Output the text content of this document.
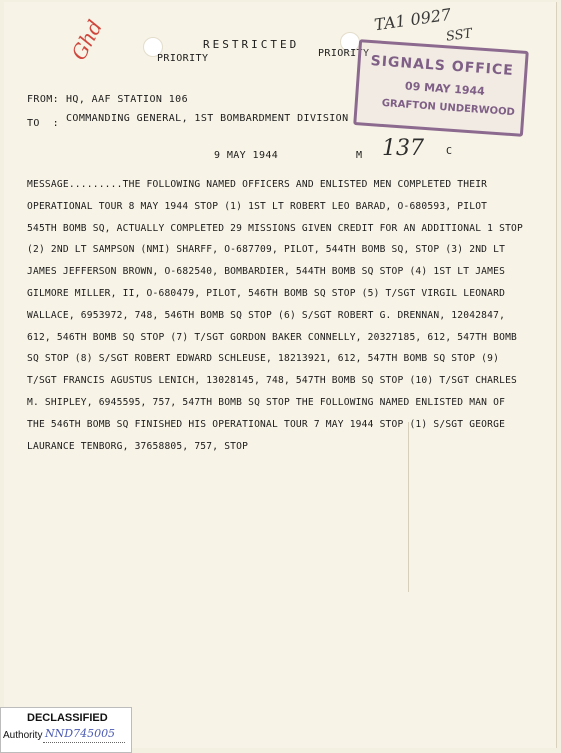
RESTRICTED
PRIORITY	PRIORITY
Ghd	TA1 0927
SST
SIGNALS OFFICE
09 MAY 1944
GRAFTON UNDERWOOD
FROM: HQ, AAF STATION 106
TO  : COMMANDING GENERAL, 1ST BOMBARDMENT DIVISION
9 MAY 1944	M 137 C
MESSAGE.........THE FOLLOWING NAMED OFFICERS AND ENLISTED MEN COMPLETED THEIR
OPERATIONAL TOUR 8 MAY 1944 STOP (1) 1ST LT ROBERT LEO BARAD, O-680593, PILOT
545TH BOMB SQ, ACTUALLY COMPLETED 29 MISSIONS GIVEN CREDIT FOR AN ADDITIONAL 1 STOP
(2) 2ND LT SAMPSON (NMI) SHARFF, O-687709, PILOT, 544TH BOMB SQ, STOP (3) 2ND LT
JAMES JEFFERSON BROWN, O-682540, BOMBARDIER, 544TH BOMB SQ STOP (4) 1ST LT JAMES
GILMORE MILLER, II, O-680479, PILOT, 546TH BOMB SQ STOP (5) T/SGT VIRGIL LEONARD
WALLACE, 6953972, 748, 546TH BOMB SQ STOP (6) S/SGT ROBERT G. DRENNAN, 12042847,
612, 546TH BOMB SQ STOP (7) T/SGT GORDON BAKER CONNELLY, 20327185, 612, 547TH BOMB
SQ STOP (8) S/SGT ROBERT EDWARD SCHLEUSE, 18213921, 612, 547TH BOMB SQ STOP (9)
T/SGT FRANCIS AGUSTUS LENICH, 13028145, 748, 547TH BOMB SQ STOP (10) T/SGT CHARLES
M. SHIPLEY, 6945595, 757, 547TH BOMB SQ STOP THE FOLLOWING NAMED ENLISTED MAN OF
THE 546TH BOMB SQ FINISHED HIS OPERATIONAL TOUR 7 MAY 1944 STOP (1) S/SGT GEORGE
LAURANCE TENBORG, 37658805, 757, STOP
DECLASSIFIED
Authority NND745005
